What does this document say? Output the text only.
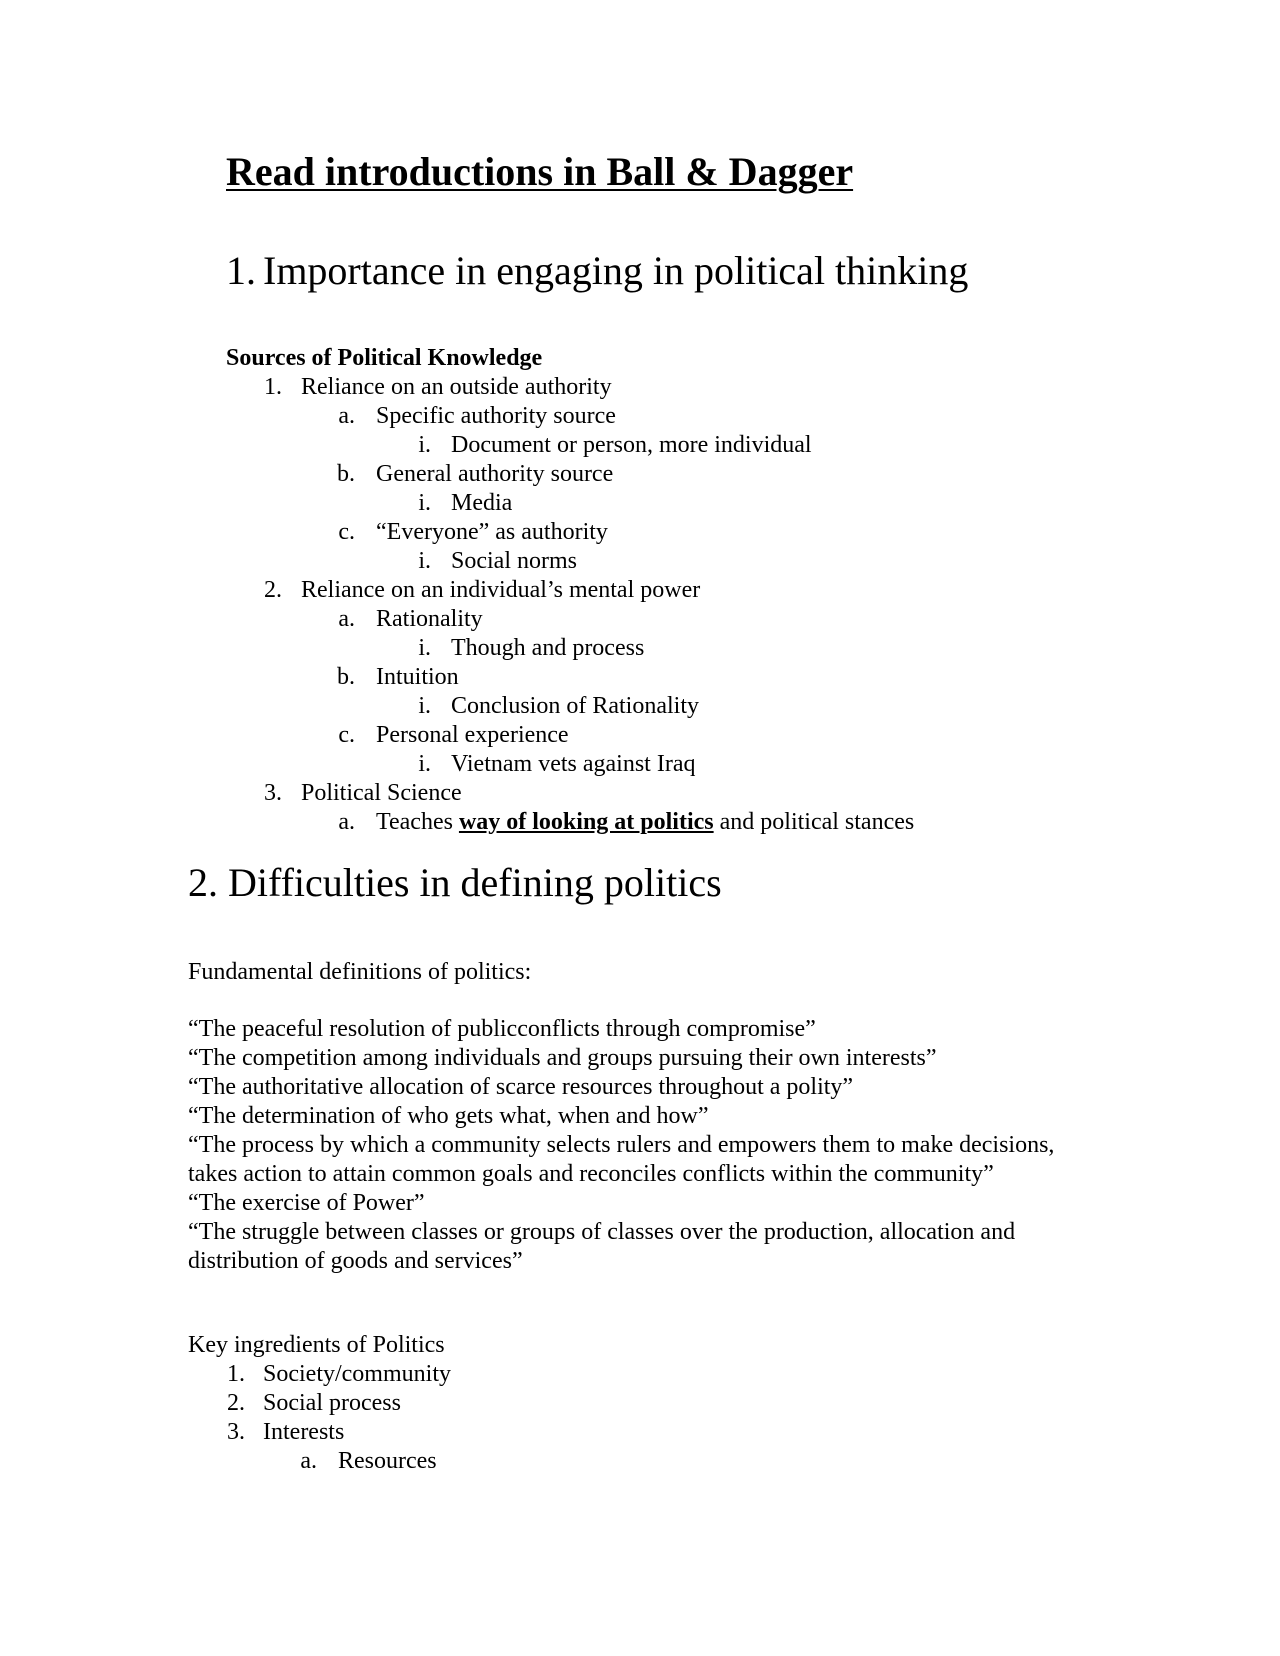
Read introductions in Ball & Dagger
1. Importance in engaging in political thinking
Sources of Political Knowledge
1. Reliance on an outside authority
a. Specific authority source
i. Document or person, more individual
b. General authority source
i. Media
c. “Everyone” as authority
i. Social norms
2. Reliance on an individual’s mental power
a. Rationality
i. Though and process
b. Intuition
i. Conclusion of Rationality
c. Personal experience
i. Vietnam vets against Iraq
3. Political Science
a. Teaches way of looking at politics and political stances
2. Difficulties in defining politics
Fundamental definitions of politics:

“The peaceful resolution of publicconflicts through compromise”

“The competition among individuals and groups pursuing their own interests”

“The authoritative allocation of scarce resources throughout a polity”

“The determination of who gets what, when and how”

“The process by which a community selects rulers and empowers them to make decisions, takes action to attain common goals and reconciles conflicts within the community”

“The exercise of Power”

“The struggle between classes or groups of classes over the production, allocation and distribution of goods and services”

Key ingredients of Politics
1. Society/community
2. Social process
3. Interests
a. Resources
